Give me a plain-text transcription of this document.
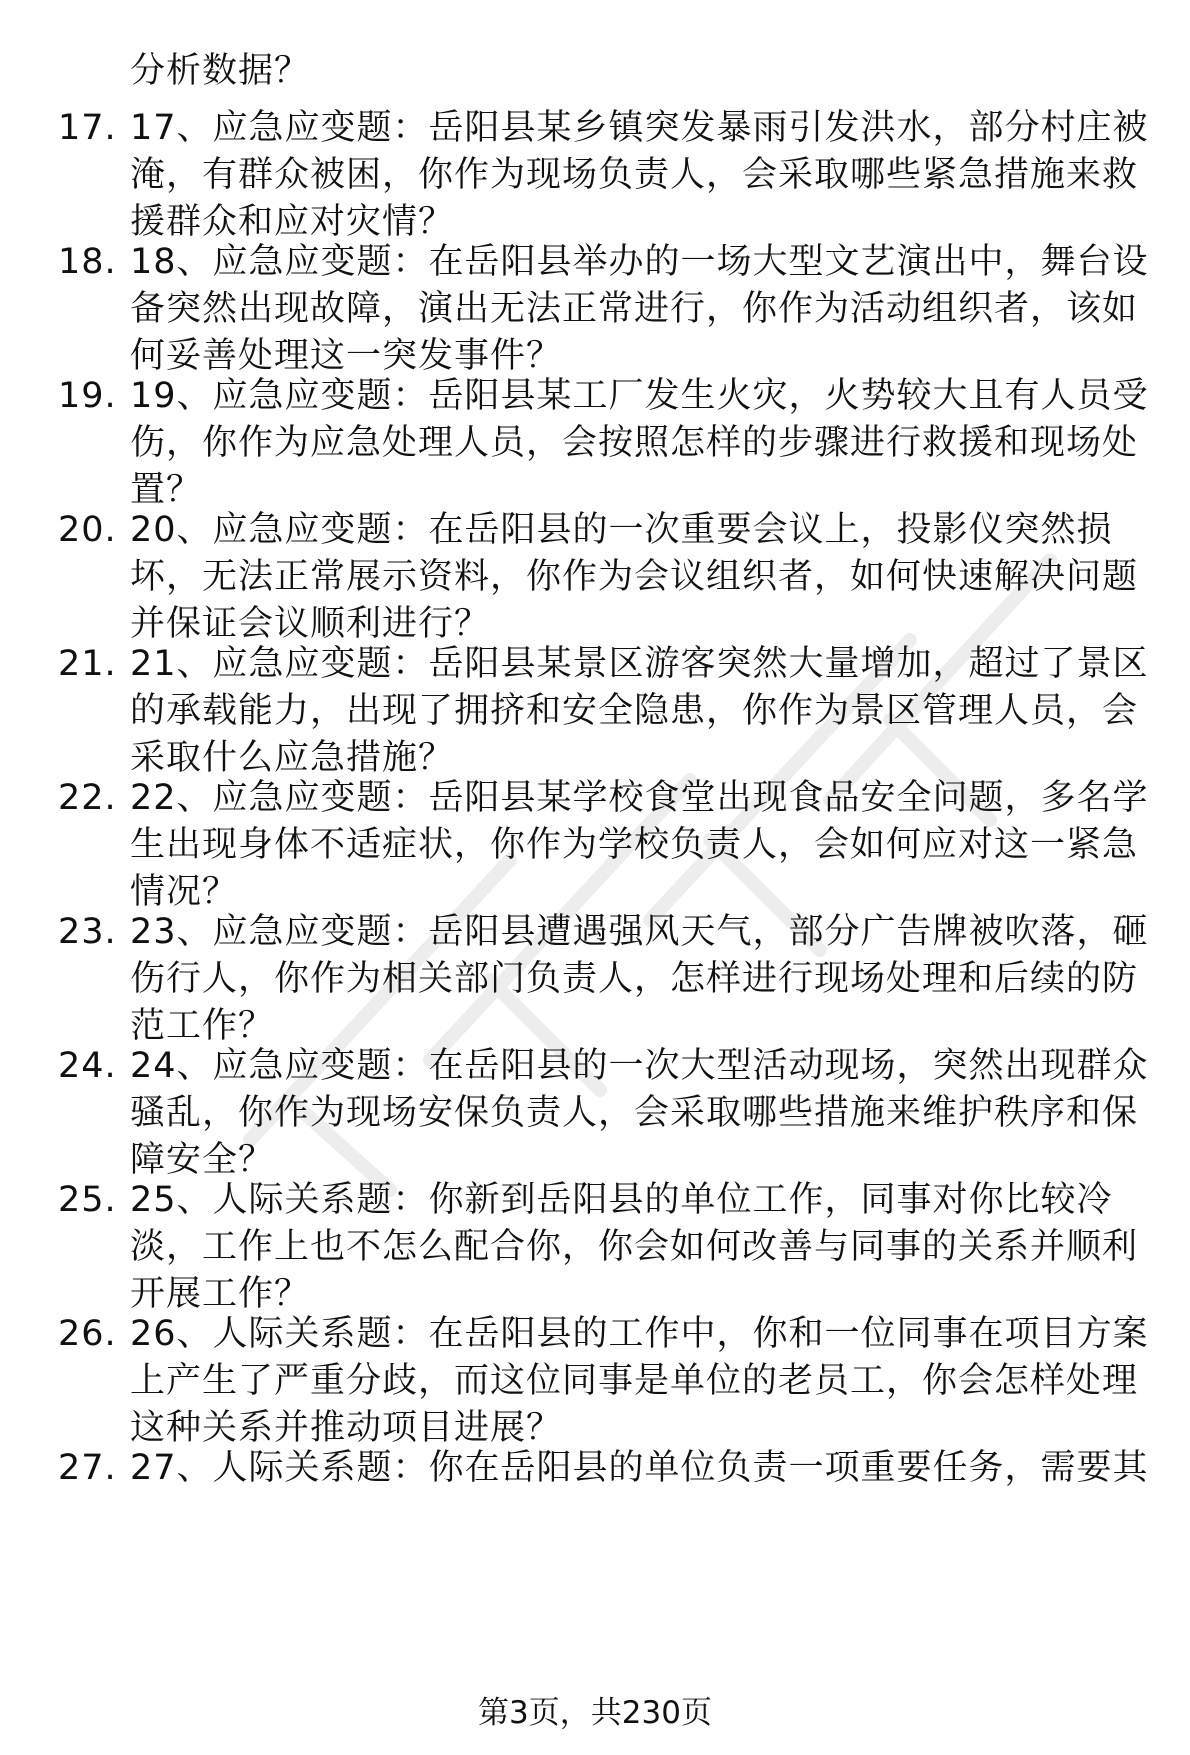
分析数据？
17. 17、应急应变题：岳阳县某乡镇突发暴雨引发洪水，部分村庄被淹，有群众被困，你作为现场负责人，会采取哪些紧急措施来救援群众和应对灾情？
18. 18、应急应变题：在岳阳县举办的一场大型文艺演出中，舞台设备突然出现故障，演出无法正常进行，你作为活动组织者，该如何妥善处理这一突发事件？
19. 19、应急应变题：岳阳县某工厂发生火灾，火势较大且有人员受伤，你作为应急处理人员，会按照怎样的步骤进行救援和现场处置？
20. 20、应急应变题：在岳阳县的一次重要会议上，投影仪突然损坏，无法正常展示资料，你作为会议组织者，如何快速解决问题并保证会议顺利进行？
21. 21、应急应变题：岳阳县某景区游客突然大量增加，超过了景区的承载能力，出现了拥挤和安全隐患，你作为景区管理人员，会采取什么应急措施？
22. 22、应急应变题：岳阳县某学校食堂出现食品安全问题，多名学生出现身体不适症状，你作为学校负责人，会如何应对这一紧急情况？
23. 23、应急应变题：岳阳县遭遇强风天气，部分广告牌被吹落，砸伤行人，你作为相关部门负责人，怎样进行现场处理和后续的防范工作？
24. 24、应急应变题：在岳阳县的一次大型活动现场，突然出现群众骚乱，你作为现场安保负责人，会采取哪些措施来维护秩序和保障安全？
25. 25、人际关系题：你新到岳阳县的单位工作，同事对你比较冷淡，工作上也不怎么配合你，你会如何改善与同事的关系并顺利开展工作？
26. 26、人际关系题：在岳阳县的工作中，你和一位同事在项目方案上产生了严重分歧，而这位同事是单位的老员工，你会怎样处理这种关系并推动项目进展？
27. 27、人际关系题：你在岳阳县的单位负责一项重要任务，需要其
第3页，共230页
